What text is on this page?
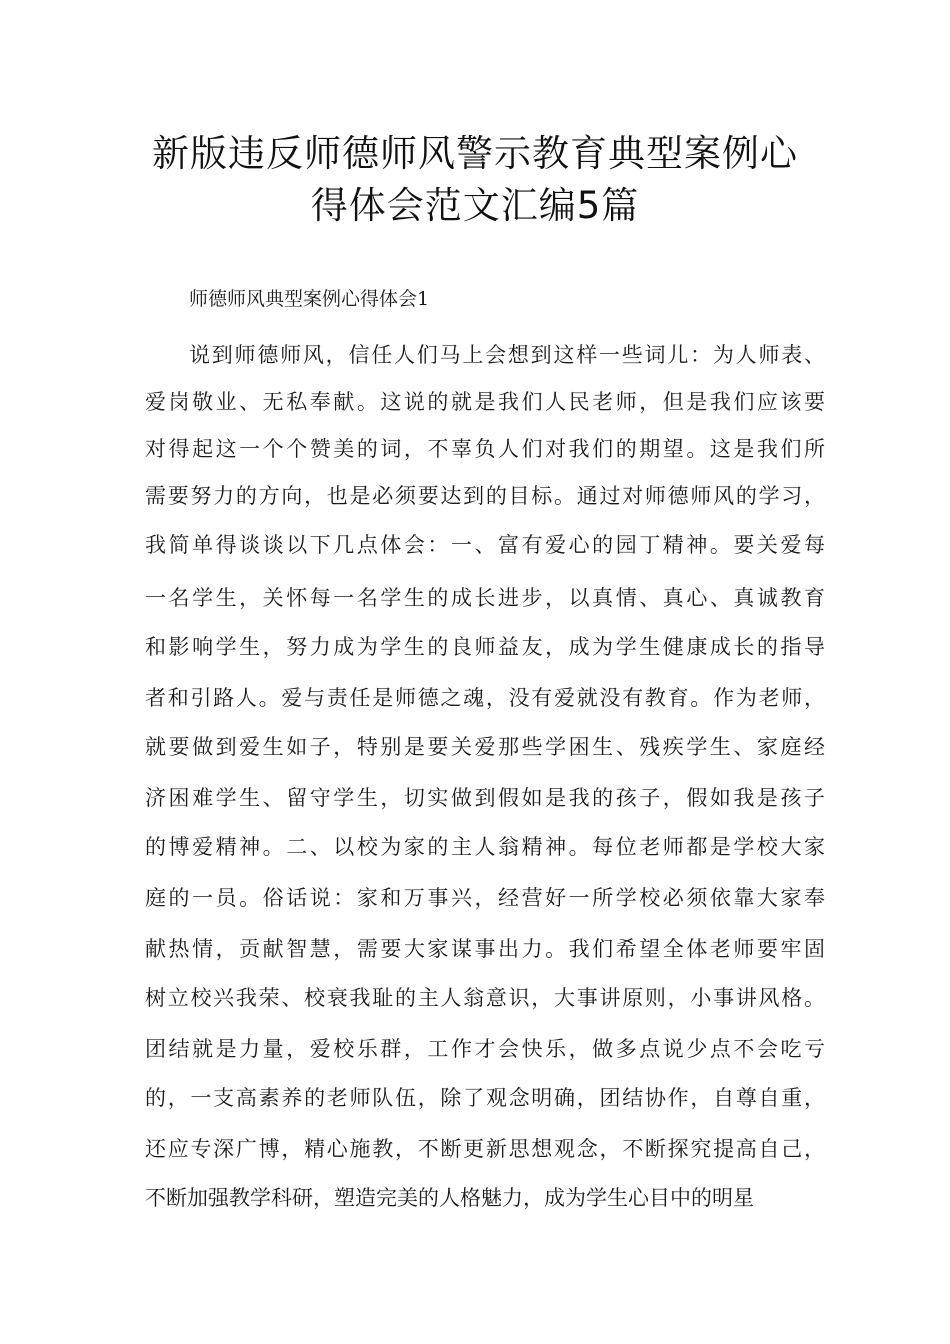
新版违反师德师风警示教育典型案例心
得体会范文汇编5篇
师德师风典型案例心得体会1
说到师德师风，信任人们马上会想到这样一些词儿：为人师表、
爱岗敬业、无私奉献。这说的就是我们人民老师，但是我们应该要
对得起这一个个赞美的词，不辜负人们对我们的期望。这是我们所
需要努力的方向，也是必须要达到的目标。通过对师德师风的学习，
我简单得谈谈以下几点体会：一、富有爱心的园丁精神。要关爱每
一名学生，关怀每一名学生的成长进步，以真情、真心、真诚教育
和影响学生，努力成为学生的良师益友，成为学生健康成长的指导
者和引路人。爱与责任是师德之魂，没有爱就没有教育。作为老师，
就要做到爱生如子，特别是要关爱那些学困生、残疾学生、家庭经
济困难学生、留守学生，切实做到假如是我的孩子，假如我是孩子
的博爱精神。二、以校为家的主人翁精神。每位老师都是学校大家
庭的一员。俗话说：家和万事兴，经营好一所学校必须依靠大家奉
献热情，贡献智慧，需要大家谋事出力。我们希望全体老师要牢固
树立校兴我荣、校衰我耻的主人翁意识，大事讲原则，小事讲风格。
团结就是力量，爱校乐群，工作才会快乐，做多点说少点不会吃亏
的，一支高素养的老师队伍，除了观念明确，团结协作，自尊自重，
还应专深广博，精心施教，不断更新思想观念，不断探究提高自己，
不断加强教学科研，塑造完美的人格魅力，成为学生心目中的明星
